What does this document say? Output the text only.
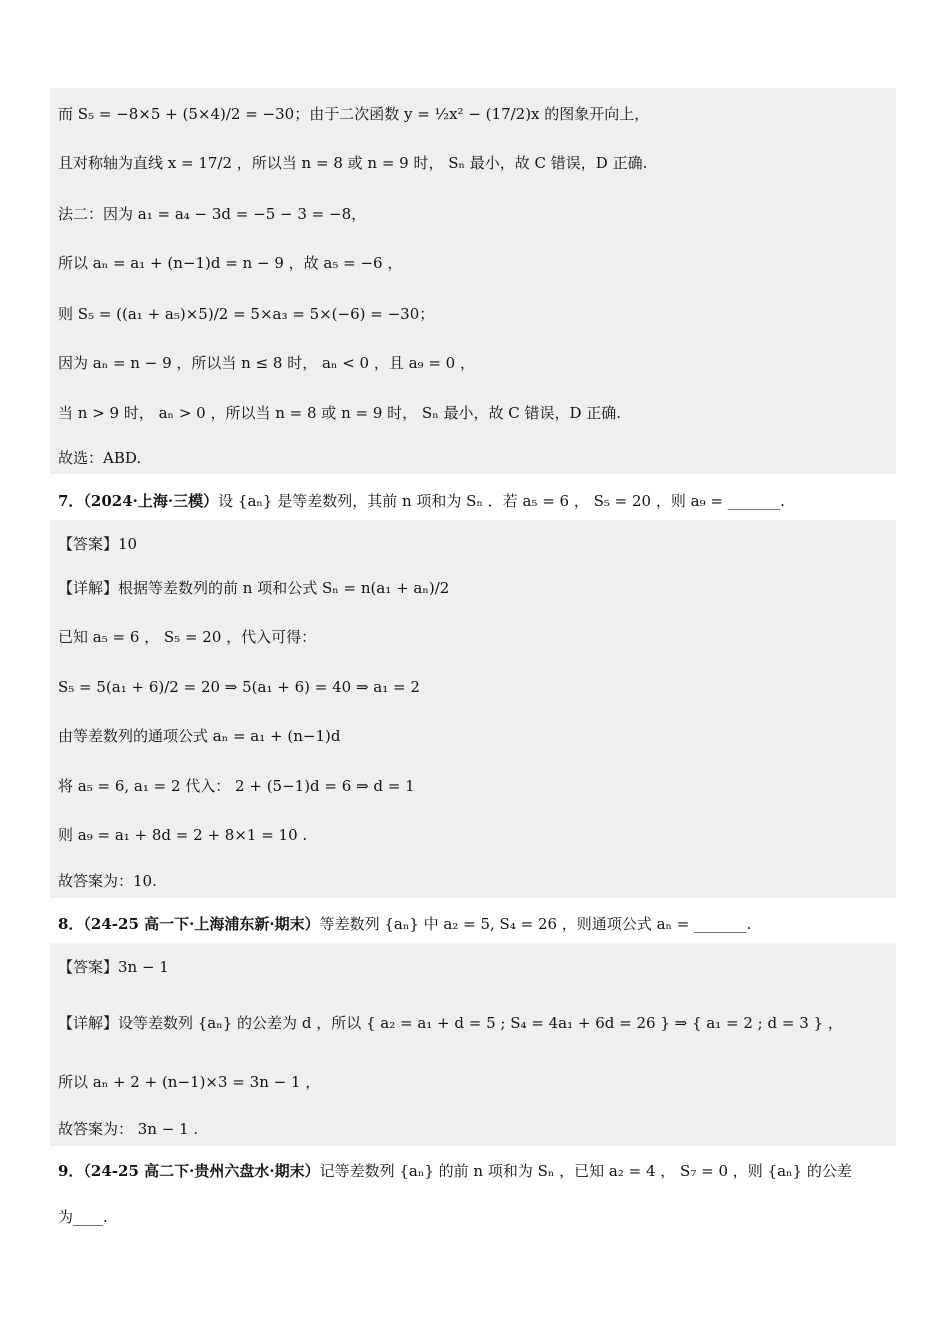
而 S₅ = −8×5 + (5×4)/2 = −30；由于二次函数 y = ½x² − (17/2)x 的图象开向上，
且对称轴为直线 x = 17/2 ，所以当 n = 8 或 n = 9 时， Sₙ 最小，故 C 错误，D 正确.
法二：因为 a₁ = a₄ − 3d = −5 − 3 = −8，
所以 aₙ = a₁ + (n−1)d = n − 9 ，故 a₅ = −6 ，
则 S₅ = ((a₁ + a₅)×5)/2 = 5×a₃ = 5×(−6) = −30；
因为 aₙ = n − 9 ，所以当 n ≤ 8 时， aₙ < 0 ，且 a₉ = 0 ，
当 n > 9 时， aₙ > 0 ，所以当 n = 8 或 n = 9 时， Sₙ 最小，故 C 错误，D 正确.
故选：ABD.
7．（2024·上海·三模）设 {aₙ} 是等差数列，其前 n 项和为 Sₙ ．若 a₅ = 6 ， S₅ = 20 ，则 a₉ = _______.
【答案】10
【详解】根据等差数列的前 n 项和公式 Sₙ = n(a₁ + aₙ)/2
已知 a₅ = 6 ， S₅ = 20 ，代入可得：
S₅ = 5(a₁ + 6)/2 = 20 ⇒ 5(a₁ + 6) = 40 ⇒ a₁ = 2
由等差数列的通项公式 aₙ = a₁ + (n−1)d
将 a₅ = 6, a₁ = 2 代入： 2 + (5−1)d = 6 ⇒ d = 1
则 a₉ = a₁ + 8d = 2 + 8×1 = 10 .
故答案为：10.
8．（24-25 高一下·上海浦东新·期末）等差数列 {aₙ} 中 a₂ = 5, S₄ = 26 ，则通项公式 aₙ = _______.
【答案】3n − 1
【详解】设等差数列 {aₙ} 的公差为 d ，所以 { a₂ = a₁ + d = 5 ; S₄ = 4a₁ + 6d = 26 } ⇒ { a₁ = 2 ; d = 3 } ，
所以 aₙ + 2 + (n−1)×3 = 3n − 1 ，
故答案为： 3n − 1 .
9．（24-25 高二下·贵州六盘水·期末）记等差数列 {aₙ} 的前 n 项和为 Sₙ ，已知 a₂ = 4 ， S₇ = 0 ，则 {aₙ} 的公差
为____.
